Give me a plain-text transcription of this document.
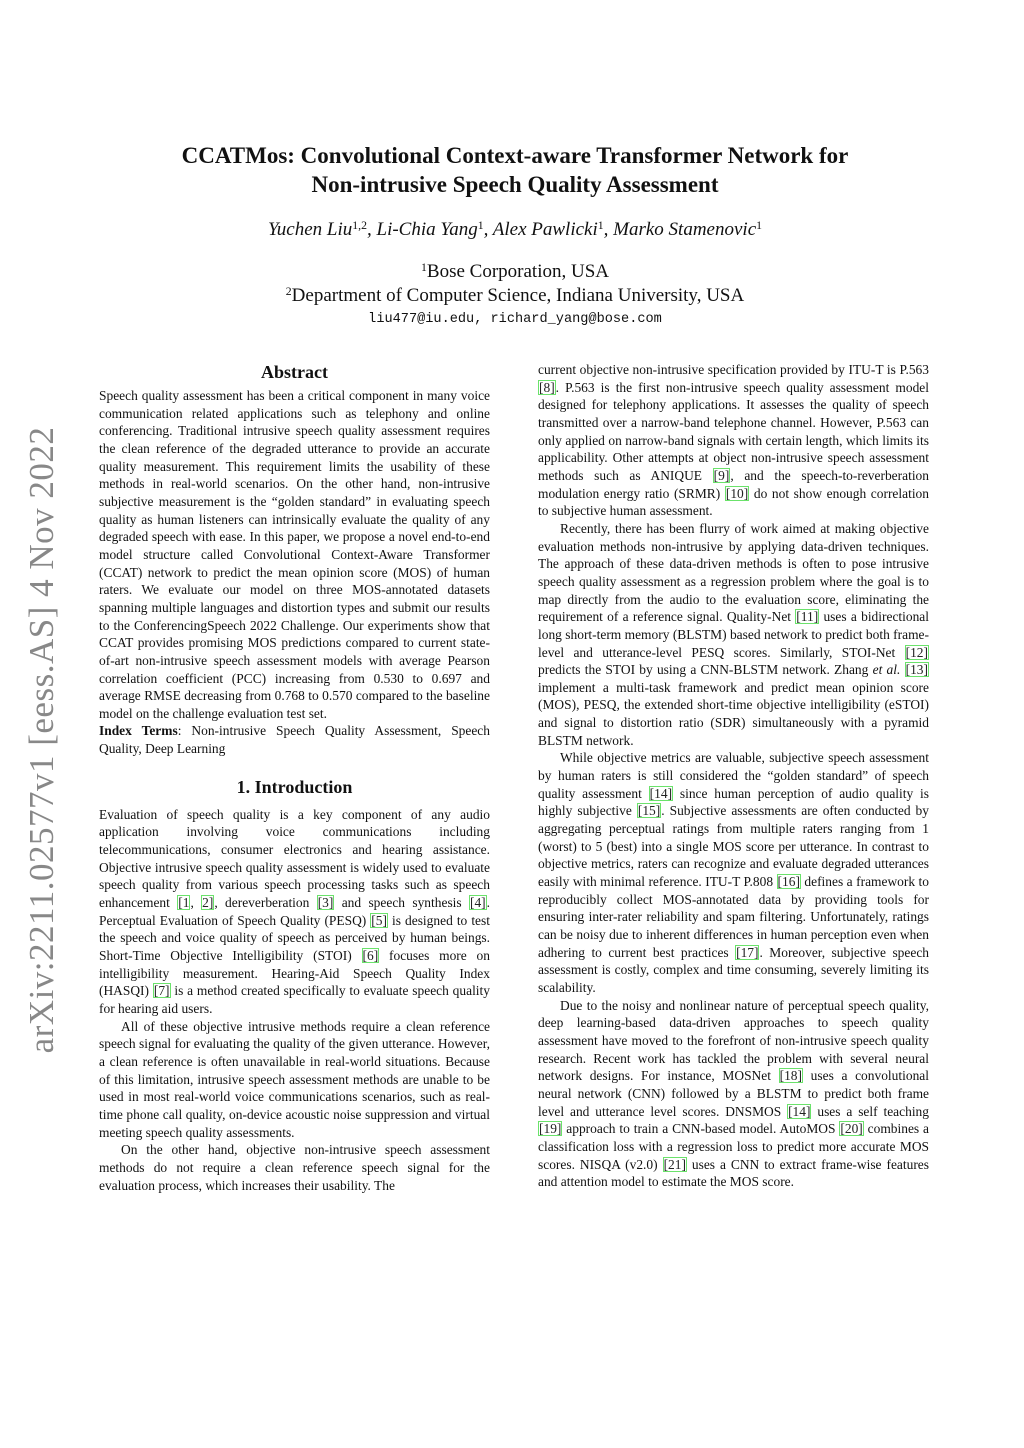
arXiv:2211.02577v1 [eess.AS] 4 Nov 2022
CCATMos: Convolutional Context-aware Transformer Network for
Non-intrusive Speech Quality Assessment
Yuchen Liu$^{1,2}$, Li-Chia Yang$^1$, Alex Pawlicki$^1$, Marko Stamenovic$^1$
$^1$Bose Corporation, USA
$^2$Department of Computer Science, Indiana University, USA
liu477@iu.edu, richard_yang@bose.com
Abstract

Speech quality assessment has been a critical component in many voice communication related applications such as telephony and online conferencing. Traditional intrusive speech quality assessment requires the clean reference of the degraded utterance to provide an accurate quality measurement. This requirement limits the usability of these methods in real-world scenarios. On the other hand, non-intrusive subjective measurement is the “golden standard” in evaluating speech quality as human listeners can intrinsically evaluate the quality of any degraded speech with ease. In this paper, we propose a novel end-to-end model structure called Convolutional Context-Aware Transformer (CCAT) network to predict the mean opinion score (MOS) of human raters. We evaluate our model on three MOS-annotated datasets spanning multiple languages and distortion types and submit our results to the ConferencingSpeech 2022 Challenge. Our experiments show that CCAT provides promising MOS predictions compared to current state-of-art non-intrusive speech assessment models with average Pearson correlation coefficient (PCC) increasing from 0.530 to 0.697 and average RMSE decreasing from 0.768 to 0.570 compared to the baseline model on the challenge evaluation test set.

Index Terms: Non-intrusive Speech Quality Assessment, Speech Quality, Deep Learning

1. Introduction

Evaluation of speech quality is a key component of any audio application involving voice communications including telecommunications, consumer electronics and hearing assistance. Objective intrusive speech quality assessment is widely used to evaluate speech quality from various speech processing tasks such as speech enhancement [1, 2], dereverberation [3] and speech synthesis [4]. Perceptual Evaluation of Speech Quality (PESQ) [5] is designed to test the speech and voice quality of speech as perceived by human beings. Short-Time Objective Intelligibility (STOI) [6] focuses more on intelligibility measurement. Hearing-Aid Speech Quality Index (HASQI) [7] is a method created specifically to evaluate speech quality for hearing aid users.

All of these objective intrusive methods require a clean reference speech signal for evaluating the quality of the given utterance. However, a clean reference is often unavailable in real-world situations. Because of this limitation, intrusive speech assessment methods are unable to be used in most real-world voice communications scenarios, such as real-time phone call quality, on-device acoustic noise suppression and virtual meeting speech quality assessments.

On the other hand, objective non-intrusive speech assessment methods do not require a clean reference speech signal for the evaluation process, which increases their usability. The

current objective non-intrusive specification provided by ITU-T is P.563 [8]. P.563 is the first non-intrusive speech quality assessment model designed for telephony applications. It assesses the quality of speech transmitted over a narrow-band telephone channel. However, P.563 can only applied on narrow-band signals with certain length, which limits its applicability. Other attempts at object non-intrusive speech assessment methods such as ANIQUE [9], and the speech-to-reverberation modulation energy ratio (SRMR) [10] do not show enough correlation to subjective human assessment.

Recently, there has been flurry of work aimed at making objective evaluation methods non-intrusive by applying data-driven techniques. The approach of these data-driven methods is often to pose intrusive speech quality assessment as a regression problem where the goal is to map directly from the audio to the evaluation score, eliminating the requirement of a reference signal. Quality-Net [11] uses a bidirectional long short-term memory (BLSTM) based network to predict both frame-level and utterance-level PESQ scores. Similarly, STOI-Net [12] predicts the STOI by using a CNN-BLSTM network. Zhang et al. [13] implement a multi-task framework and predict mean opinion score (MOS), PESQ, the extended short-time objective intelligibility (eSTOI) and signal to distortion ratio (SDR) simultaneously with a pyramid BLSTM network.

While objective metrics are valuable, subjective speech assessment by human raters is still considered the “golden standard” of speech quality assessment [14] since human perception of audio quality is highly subjective [15]. Subjective assessments are often conducted by aggregating perceptual ratings from multiple raters ranging from 1 (worst) to 5 (best) into a single MOS score per utterance. In contrast to objective metrics, raters can recognize and evaluate degraded utterances easily with minimal reference. ITU-T P.808 [16] defines a framework to reproducibly collect MOS-annotated data by providing tools for ensuring inter-rater reliability and spam filtering. Unfortunately, ratings can be noisy due to inherent differences in human perception even when adhering to current best practices [17]. Moreover, subjective speech assessment is costly, complex and time consuming, severely limiting its scalability.

Due to the noisy and nonlinear nature of perceptual speech quality, deep learning-based data-driven approaches to speech quality assessment have moved to the forefront of non-intrusive speech quality research. Recent work has tackled the problem with several neural network designs. For instance, MOSNet [18] uses a convolutional neural network (CNN) followed by a BLSTM to predict both frame level and utterance level scores. DNSMOS [14] uses a self teaching [19] approach to train a CNN-based model. AutoMOS [20] combines a classification loss with a regression loss to predict more accurate MOS scores. NISQA (v2.0) [21] uses a CNN to extract frame-wise features and attention model to estimate the MOS score.
